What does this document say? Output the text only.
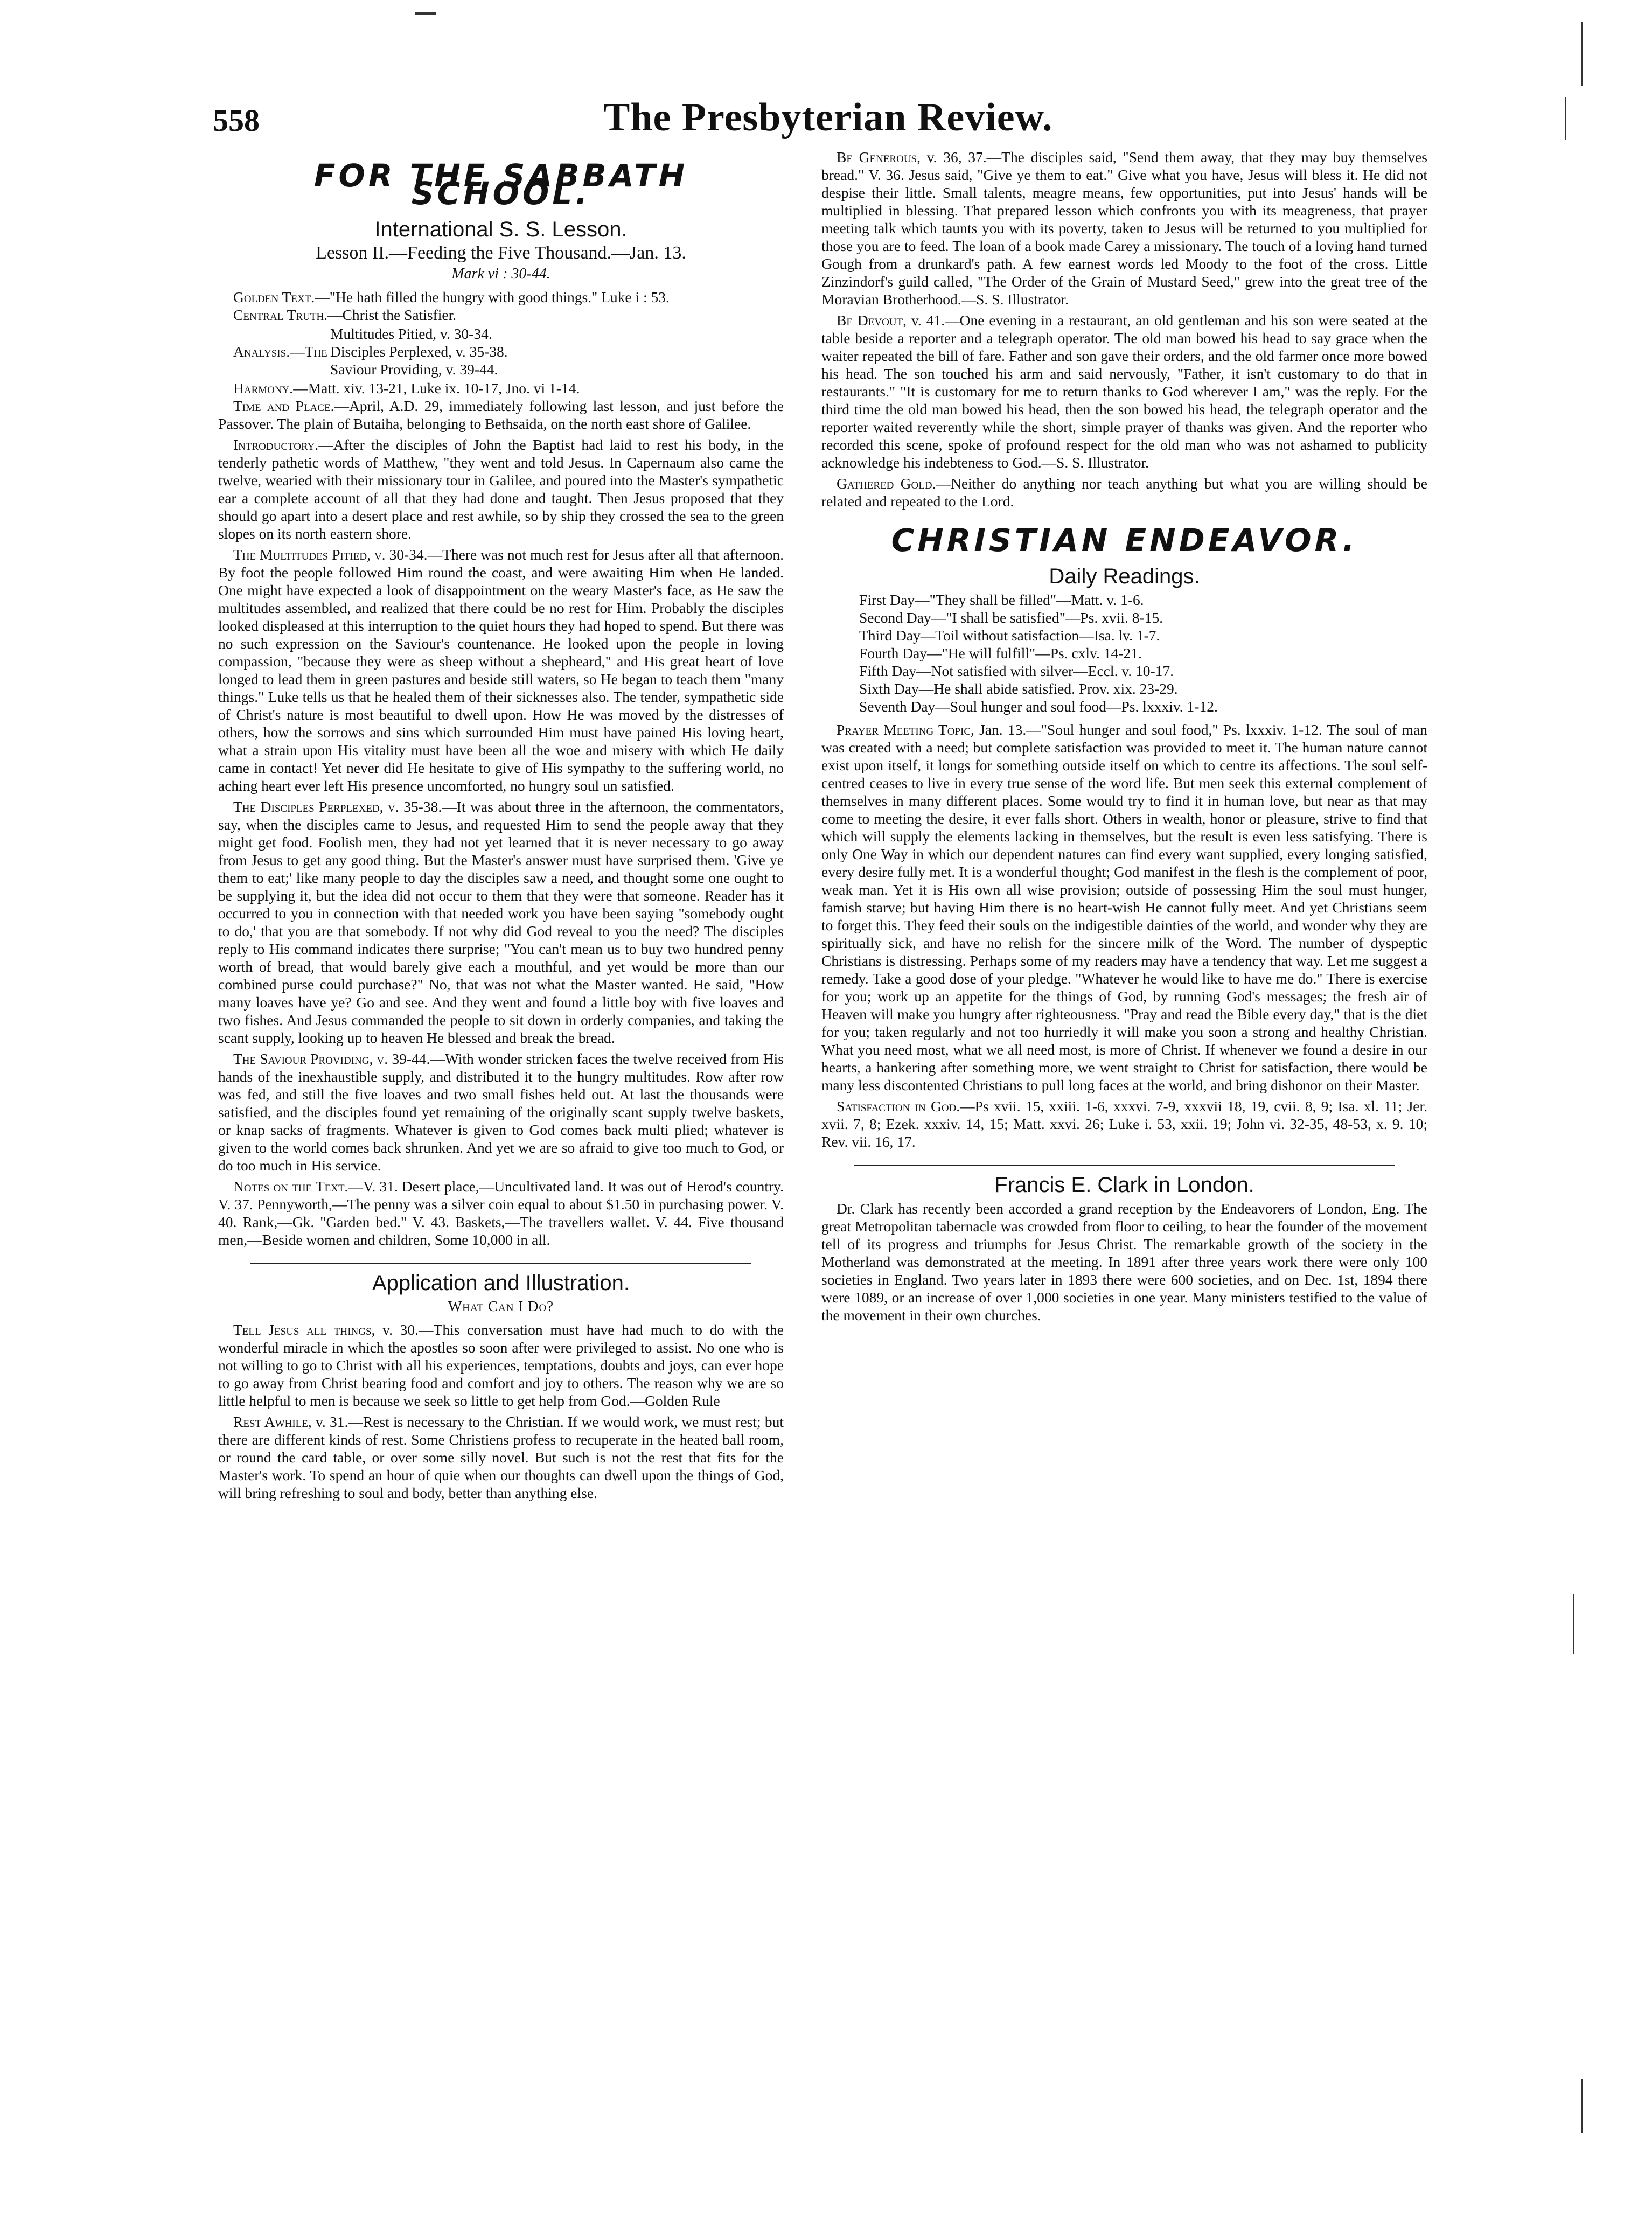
558	The Presbyterian Review.
FOR THE SABBATH SCHOOL.
International S. S. Lesson.
Lesson II.—Feeding the Five Thousand.—Jan. 13.
Mark vi : 30-44.
Golden Text.—"He hath filled the hungry with good things." Luke i : 53.
Central Truth.—Christ the Satisfier.
Analysis.—The
Multitudes Pitied, v. 30-34.
Disciples Perplexed, v. 35-38.
Saviour Providing, v. 39-44.
Harmony.—Matt. xiv. 13-21, Luke ix. 10-17, Jno. vi 1-14.

Time and Place.—April, A.D. 29, immediately following last lesson, and just before the Passover. The plain of Butaiha, belonging to Bethsaida, on the north east shore of Galilee.

Introductory.—After the disciples of John the Baptist had laid to rest his body, in the tenderly pathetic words of Matthew, "they went and told Jesus. In Capernaum also came the twelve, wearied with their missionary tour in Galilee, and poured into the Master's sympathetic ear a complete account of all that they had done and taught. Then Jesus proposed that they should go apart into a desert place and rest awhile, so by ship they crossed the sea to the green slopes on its north eastern shore.

The Multitudes Pitied, v. 30-34.—There was not much rest for Jesus after all that afternoon. By foot the people followed Him round the coast, and were awaiting Him when He landed. One might have expected a look of disappointment on the weary Master's face, as He saw the multitudes assembled, and realized that there could be no rest for Him. Probably the disciples looked displeased at this interruption to the quiet hours they had hoped to spend. But there was no such expression on the Saviour's countenance. He looked upon the people in loving compassion, "because they were as sheep without a shepheard," and His great heart of love longed to lead them in green pastures and beside still waters, so He began to teach them "many things." Luke tells us that he healed them of their sicknesses also. The tender, sympathetic side of Christ's nature is most beautiful to dwell upon. How He was moved by the distresses of others, how the sorrows and sins which surrounded Him must have pained His loving heart, what a strain upon His vitality must have been all the woe and misery with which He daily came in contact! Yet never did He hesitate to give of His sympathy to the suffering world, no aching heart ever left His presence uncomforted, no hungry soul un satisfied.

The Disciples Perplexed, v. 35-38.—It was about three in the afternoon, the commentators, say, when the disciples came to Jesus, and requested Him to send the people away that they might get food. Foolish men, they had not yet learned that it is never necessary to go away from Jesus to get any good thing. But the Master's answer must have surprised them. 'Give ye them to eat;' like many people to day the disciples saw a need, and thought some one ought to be supplying it, but the idea did not occur to them that they were that someone. Reader has it occurred to you in connection with that needed work you have been saying "somebody ought to do,' that you are that somebody. If not why did God reveal to you the need? The disciples reply to His command indicates there surprise; "You can't mean us to buy two hundred penny worth of bread, that would barely give each a mouthful, and yet would be more than our combined purse could purchase?" No, that was not what the Master wanted. He said, "How many loaves have ye? Go and see. And they went and found a little boy with five loaves and two fishes. And Jesus commanded the people to sit down in orderly companies, and taking the scant supply, looking up to heaven He blessed and break the bread.

The Saviour Providing, v. 39-44.—With wonder stricken faces the twelve received from His hands of the inexhaustible supply, and distributed it to the hungry multitudes. Row after row was fed, and still the five loaves and two small fishes held out. At last the thousands were satisfied, and the disciples found yet remaining of the originally scant supply twelve baskets, or knap sacks of fragments. Whatever is given to God comes back multi plied; whatever is given to the world comes back shrunken. And yet we are so afraid to give too much to God, or do too much in His service.

Notes on the Text.—V. 31. Desert place,—Uncultivated land. It was out of Herod's country. V. 37. Pennyworth,—The penny was a silver coin equal to about $1.50 in purchasing power. V. 40. Rank,—Gk. "Garden bed." V. 43. Baskets,—The travellers wallet. V. 44. Five thousand men,—Beside women and children, Some 10,000 in all.

Application and Illustration.
What Can I Do?

Tell Jesus all things, v. 30.—This conversation must have had much to do with the wonderful miracle in which the apostles so soon after were privileged to assist. No one who is not willing to go to Christ with all his experiences, temptations, doubts and joys, can ever hope to go away from Christ bearing food and comfort and joy to others. The reason why we are so little helpful to men is because we seek so little to get help from God.—Golden Rule

Rest Awhile, v. 31.—Rest is necessary to the Christian. If we would work, we must rest; but there are different kinds of rest. Some Christiens profess to recuperate in the heated ball room, or round the card table, or over some silly novel. But such is not the rest that fits for the Master's work. To spend an hour of quie when our thoughts can dwell upon the things of God, will bring refreshing to soul and body, better than anything else.

Be Generous, v. 36, 37.—The disciples said, "Send them away, that they may buy themselves bread." V. 36. Jesus said, "Give ye them to eat." Give what you have, Jesus will bless it. He did not despise their little. Small talents, meagre means, few opportunities, put into Jesus' hands will be multiplied in blessing. That prepared lesson which confronts you with its meagreness, that prayer meeting talk which taunts you with its poverty, taken to Jesus will be returned to you multiplied for those you are to feed. The loan of a book made Carey a missionary. The touch of a loving hand turned Gough from a drunkard's path. A few earnest words led Moody to the foot of the cross. Little Zinzindorf's guild called, "The Order of the Grain of Mustard Seed," grew into the great tree of the Moravian Brotherhood.—S. S. Illustrator.

Be Devout, v. 41.—One evening in a restaurant, an old gentleman and his son were seated at the table beside a reporter and a telegraph operator. The old man bowed his head to say grace when the waiter repeated the bill of fare. Father and son gave their orders, and the old farmer once more bowed his head. The son touched his arm and said nervously, "Father, it isn't customary to do that in restaurants." "It is customary for me to return thanks to God wherever I am," was the reply. For the third time the old man bowed his head, then the son bowed his head, the telegraph operator and the reporter waited reverently while the short, simple prayer of thanks was given. And the reporter who recorded this scene, spoke of profound respect for the old man who was not ashamed to publicity acknowledge his indebteness to God.—S. S. Illustrator.

Gathered Gold.—Neither do anything nor teach anything but what you are willing should be related and repeated to the Lord.

CHRISTIAN ENDEAVOR.
Daily Readings.
First Day—"They shall be filled"—Matt. v. 1-6.
Second Day—"I shall be satisfied"—Ps. xvii. 8-15.
Third Day—Toil without satisfaction—Isa. lv. 1-7.
Fourth Day—"He will fulfill"—Ps. cxlv. 14-21.
Fifth Day—Not satisfied with silver—Eccl. v. 10-17.
Sixth Day—He shall abide satisfied. Prov. xix. 23-29.
Seventh Day—Soul hunger and soul food—Ps. lxxxiv. 1-12.

Prayer Meeting Topic, Jan. 13.—"Soul hunger and soul food," Ps. lxxxiv. 1-12. The soul of man was created with a need; but complete satisfaction was provided to meet it. The human nature cannot exist upon itself, it longs for something outside itself on which to centre its affections. The soul self-centred ceases to live in every true sense of the word life. But men seek this external complement of themselves in many different places. Some would try to find it in human love, but near as that may come to meeting the desire, it ever falls short. Others in wealth, honor or pleasure, strive to find that which will supply the elements lacking in themselves, but the result is even less satisfying. There is only One Way in which our dependent natures can find every want supplied, every longing satisfied, every desire fully met. It is a wonderful thought; God manifest in the flesh is the complement of poor, weak man. Yet it is His own all wise provision; outside of possessing Him the soul must hunger, famish starve; but having Him there is no heart-wish He cannot fully meet. And yet Christians seem to forget this. They feed their souls on the indigestible dainties of the world, and wonder why they are spiritually sick, and have no relish for the sincere milk of the Word. The number of dyspeptic Christians is distressing. Perhaps some of my readers may have a tendency that way. Let me suggest a remedy. Take a good dose of your pledge. "Whatever he would like to have me do." There is exercise for you; work up an appetite for the things of God, by running God's messages; the fresh air of Heaven will make you hungry after righteousness. "Pray and read the Bible every day," that is the diet for you; taken regularly and not too hurriedly it will make you soon a strong and healthy Christian. What you need most, what we all need most, is more of Christ. If whenever we found a desire in our hearts, a hankering after something more, we went straight to Christ for satisfaction, there would be many less discontented Christians to pull long faces at the world, and bring dishonor on their Master.

Satisfaction in God.—Ps xvii. 15, xxiii. 1-6, xxxvi. 7-9, xxxvii 18, 19, cvii. 8, 9; Isa. xl. 11; Jer. xvii. 7, 8; Ezek. xxxiv. 14, 15; Matt. xxvi. 26; Luke i. 53, xxii. 19; John vi. 32-35, 48-53, x. 9. 10; Rev. vii. 16, 17.

Francis E. Clark in London.

Dr. Clark has recently been accorded a grand reception by the Endeavorers of London, Eng. The great Metropolitan tabernacle was crowded from floor to ceiling, to hear the founder of the movement tell of its progress and triumphs for Jesus Christ. The remarkable growth of the society in the Motherland was demonstrated at the meeting. In 1891 after three years work there were only 100 societies in England. Two years later in 1893 there were 600 societies, and on Dec. 1st, 1894 there were 1089, or an increase of over 1,000 societies in one year. Many ministers testified to the value of the movement in their own churches.
